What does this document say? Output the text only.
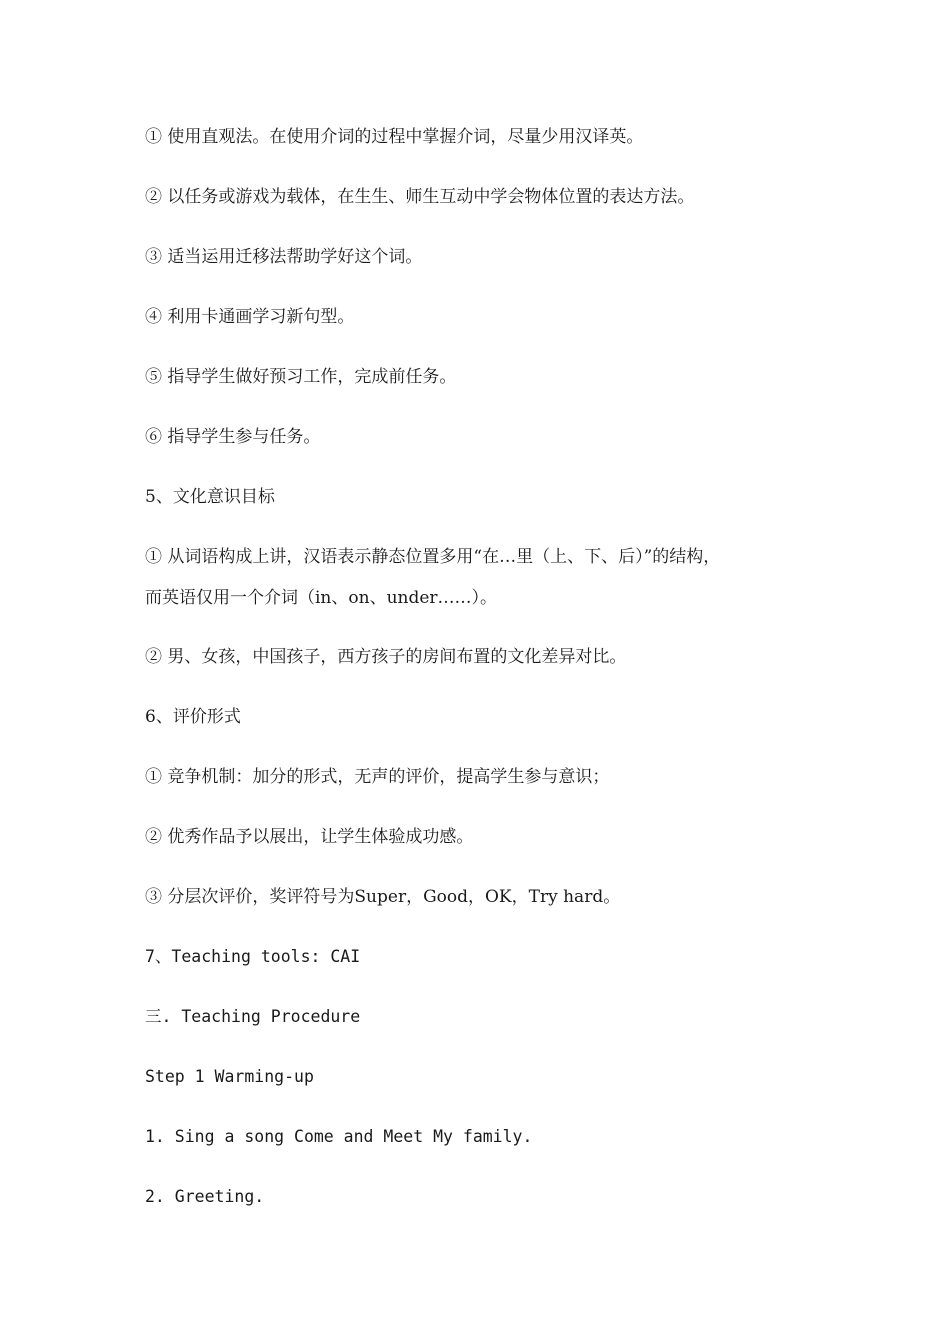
① 使用直观法。在使用介词的过程中掌握介词，尽量少用汉译英。
② 以任务或游戏为载体，在生生、师生互动中学会物体位置的表达方法。
③ 适当运用迁移法帮助学好这个词。
④ 利用卡通画学习新句型。
⑤ 指导学生做好预习工作，完成前任务。
⑥ 指导学生参与任务。
5、文化意识目标
① 从词语构成上讲，汉语表示静态位置多用“在…里（上、下、后）”的结构，
而英语仅用一个介词（in、on、under……）。
② 男、女孩，中国孩子，西方孩子的房间布置的文化差异对比。
6、评价形式
① 竞争机制：加分的形式，无声的评价，提高学生参与意识；
② 优秀作品予以展出，让学生体验成功感。
③ 分层次评价，奖评符号为Super，Good，OK，Try hard。
7、Teaching tools: CAI
三. Teaching Procedure
Step 1 Warming-up
1. Sing a song Come and Meet My family.
2. Greeting.
